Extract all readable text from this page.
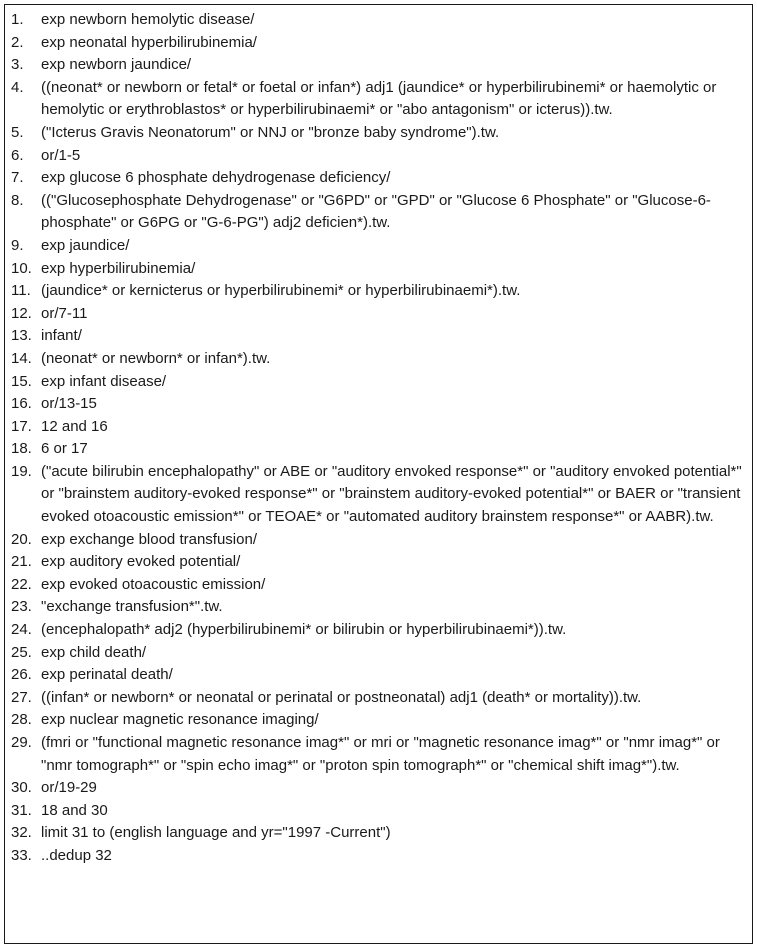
1.	exp newborn hemolytic disease/
2.	exp neonatal hyperbilirubinemia/
3.	exp newborn jaundice/
4.	((neonat* or newborn or fetal* or foetal or infan*) adj1 (jaundice* or hyperbilirubinemi* or haemolytic or hemolytic or erythroblastos* or hyperbilirubinaemi* or "abo antagonism" or icterus)).tw.
5.	("Icterus Gravis Neonatorum" or NNJ or "bronze baby syndrome").tw.
6.	or/1-5
7.	exp glucose 6 phosphate dehydrogenase deficiency/
8.	(("Glucosephosphate Dehydrogenase" or "G6PD" or "GPD" or "Glucose 6 Phosphate" or "Glucose-6-phosphate" or G6PG or "G-6-PG") adj2 deficien*).tw.
9.	exp jaundice/
10. exp hyperbilirubinemia/
11. (jaundice* or kernicterus or hyperbilirubinemi* or hyperbilirubinaemi*).tw.
12. or/7-11
13. infant/
14. (neonat* or newborn* or infan*).tw.
15. exp infant disease/
16. or/13-15
17. 12 and 16
18. 6 or 17
19. ("acute bilirubin encephalopathy" or ABE or "auditory envoked response*" or "auditory envoked potential*" or "brainstem auditory-evoked response*" or "brainstem auditory-evoked potential*" or BAER or "transient evoked otoacoustic emission*" or TEOAE* or "automated auditory brainstem response*" or AABR).tw.
20. exp exchange blood transfusion/
21. exp auditory evoked potential/
22. exp evoked otoacoustic emission/
23. "exchange transfusion*".tw.
24. (encephalopath* adj2 (hyperbilirubinemi* or bilirubin or hyperbilirubinaemi*)).tw.
25. exp child death/
26. exp perinatal death/
27. ((infan* or newborn* or neonatal or perinatal or postneonatal) adj1 (death* or mortality)).tw.
28. exp nuclear magnetic resonance imaging/
29. (fmri or "functional magnetic resonance imag*" or mri or "magnetic resonance imag*" or "nmr imag*" or "nmr tomograph*" or "spin echo imag*" or "proton spin tomograph*" or "chemical shift imag*").tw.
30. or/19-29
31. 18 and 30
32. limit 31 to (english language and yr="1997 -Current")
33. ..dedup 32
